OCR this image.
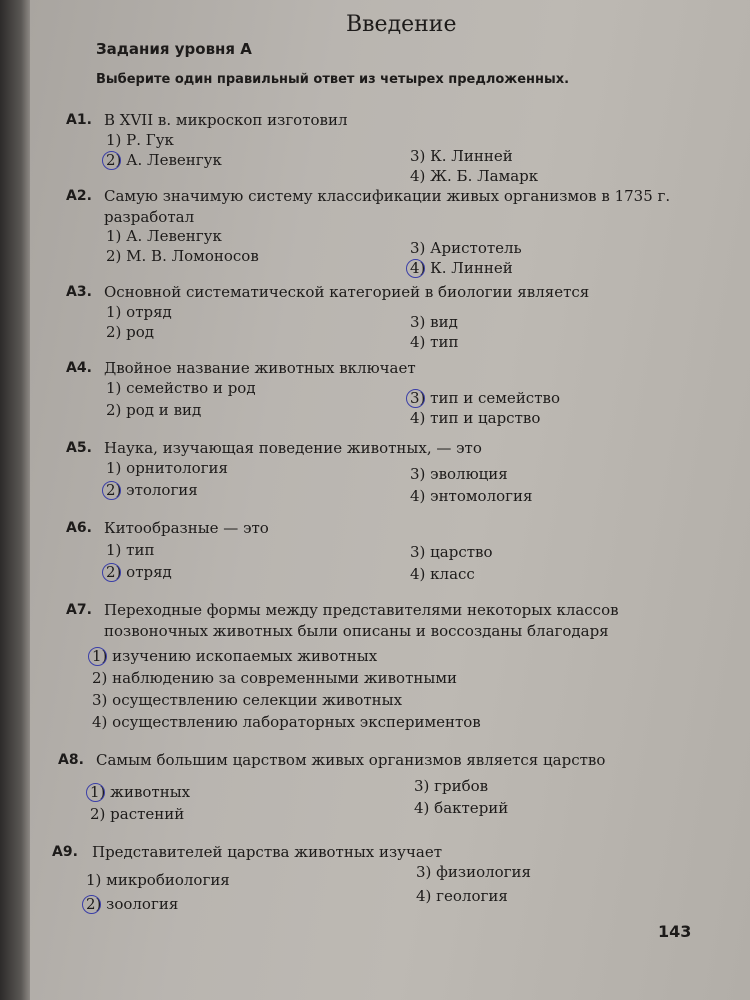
Введение
Задания уровня А
Выберите один правильный ответ из четырех предложенных.
A1. В XVII в. микроскоп изготовил
1) Р. Гук
2) А. Левенгук	3) К. Линней
4) Ж. Б. Ламарк
A2. Самую значимую систему классификации живых организмов в 1735 г. разработал
1) А. Левенгук
2) М. В. Ломоносов	3) Аристотель
4) К. Линней
A3. Основной систематической категорией в биологии является
1) отряд
2) род
3) вид
4) тип
A4. Двойное название животных включает
1) семейство и род
2) род и вид
3) тип и семейство
4) тип и царство
A5. Наука, изучающая поведение животных, — это
1) орнитология
2) этология
3) эволюция
4) энтомология
A6. Китообразные — это
1) тип
2) отряд
3) царство
4) класс
A7. Переходные формы между представителями некоторых классов позвоночных животных были описаны и воссозданы благодаря
1) изучению ископаемых животных
2) наблюдению за современными животными
3) осуществлению селекции животных
4) осуществлению лабораторных экспериментов
A8. Самым большим царством живых организмов является царство
1) животных
2) растений
3) грибов
4) бактерий
A9. Представителей царства животных изучает
1) микробиология
2) зоология
3) физиология
4) геология
143
